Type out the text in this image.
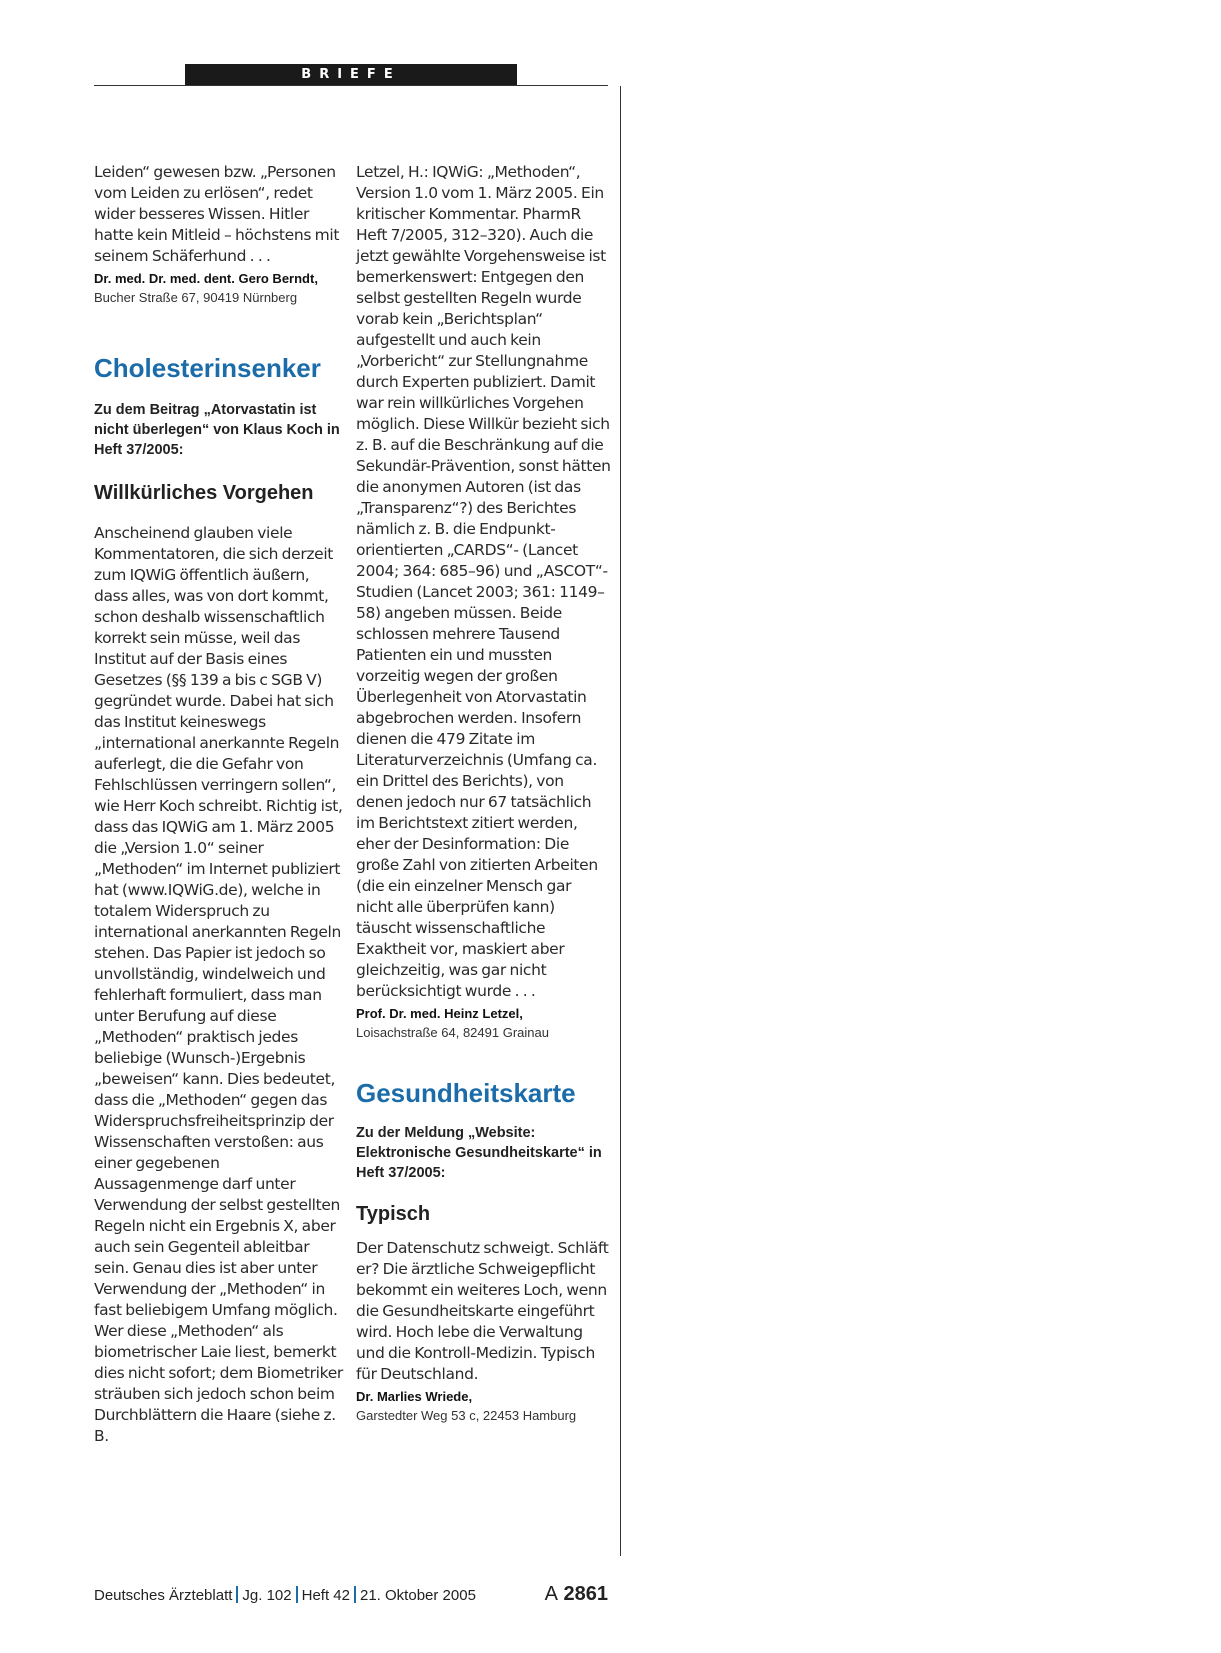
BRIEFE

Leiden“ gewesen bzw. „Personen vom Leiden zu erlösen“, redet wider besseres Wissen. Hitler hatte kein Mitleid – höchstens mit seinem Schäferhund . . .

Dr. med. Dr. med. dent. Gero Berndt, Bucher Straße 67, 90419 Nürnberg

Cholesterinsenker

Zu dem Beitrag „Atorvastatin ist nicht überlegen“ von Klaus Koch in Heft 37/2005:

Willkürliches Vorgehen

Anscheinend glauben viele Kommentatoren, die sich derzeit zum IQWiG öffentlich äußern, dass alles, was von dort kommt, schon deshalb wissenschaftlich korrekt sein müsse, weil das Institut auf der Basis eines Gesetzes (§§ 139 a bis c SGB V) gegründet wurde. Dabei hat sich das Institut keineswegs „international anerkannte Regeln auferlegt, die die Gefahr von Fehlschlüssen verringern sollen“, wie Herr Koch schreibt. Richtig ist, dass das IQWiG am 1. März 2005 die „Version 1.0“ seiner „Methoden“ im Internet publiziert hat (www.IQWiG.de), welche in totalem Widerspruch zu international anerkannten Regeln stehen. Das Papier ist jedoch so unvollständig, windelweich und fehlerhaft formuliert, dass man unter Berufung auf diese „Methoden“ praktisch jedes beliebige (Wunsch-)Ergebnis „beweisen“ kann. Dies bedeutet, dass die „Methoden“ gegen das Widerspruchsfreiheitsprinzip der Wissenschaften verstoßen: aus einer gegebenen Aussagenmenge darf unter Verwendung der selbst gestellten Regeln nicht ein Ergebnis X, aber auch sein Gegenteil ableitbar sein. Genau dies ist aber unter Verwendung der „Methoden“ in fast beliebigem Umfang möglich. Wer diese „Methoden“ als biometrischer Laie liest, bemerkt dies nicht sofort; dem Biometriker sträuben sich jedoch schon beim Durchblättern die Haare (siehe z. B.

Letzel, H.: IQWiG: „Methoden“, Version 1.0 vom 1. März 2005. Ein kritischer Kommentar. PharmR Heft 7/2005, 312–320). Auch die jetzt gewählte Vorgehensweise ist bemerkenswert: Entgegen den selbst gestellten Regeln wurde vorab kein „Berichtsplan“ aufgestellt und auch kein „Vorbericht“ zur Stellungnahme durch Experten publiziert. Damit war rein willkürliches Vorgehen möglich. Diese Willkür bezieht sich z. B. auf die Beschränkung auf die Sekundär-Prävention, sonst hätten die anonymen Autoren (ist das „Transparenz“?) des Berichtes nämlich z. B. die Endpunkt-orientierten „CARDS“- (Lancet 2004; 364: 685–96) und „ASCOT“-Studien (Lancet 2003; 361: 1149–58) angeben müssen. Beide schlossen mehrere Tausend Patienten ein und mussten vorzeitig wegen der großen Überlegenheit von Atorvastatin abgebrochen werden. Insofern dienen die 479 Zitate im Literaturverzeichnis (Umfang ca. ein Drittel des Berichts), von denen jedoch nur 67 tatsächlich im Berichtstext zitiert werden, eher der Desinformation: Die große Zahl von zitierten Arbeiten (die ein einzelner Mensch gar nicht alle überprüfen kann) täuscht wissenschaftliche Exaktheit vor, maskiert aber gleichzeitig, was gar nicht berücksichtigt wurde . . .

Prof. Dr. med. Heinz Letzel,
Loisachstraße 64, 82491 Grainau

Gesundheitskarte

Zu der Meldung „Website: Elektronische Gesundheitskarte“ in Heft 37/2005:

Typisch

Der Datenschutz schweigt. Schläft er? Die ärztliche Schweigepflicht bekommt ein weiteres Loch, wenn die Gesundheitskarte eingeführt wird. Hoch lebe die Verwaltung und die Kontroll-Medizin. Typisch für Deutschland.

Dr. Marlies Wriede,
Garstedter Weg 53 c, 22453 Hamburg

Deutsches Ärzteblatt Jg. 102 Heft 42 21. Oktober 2005	A 2861
